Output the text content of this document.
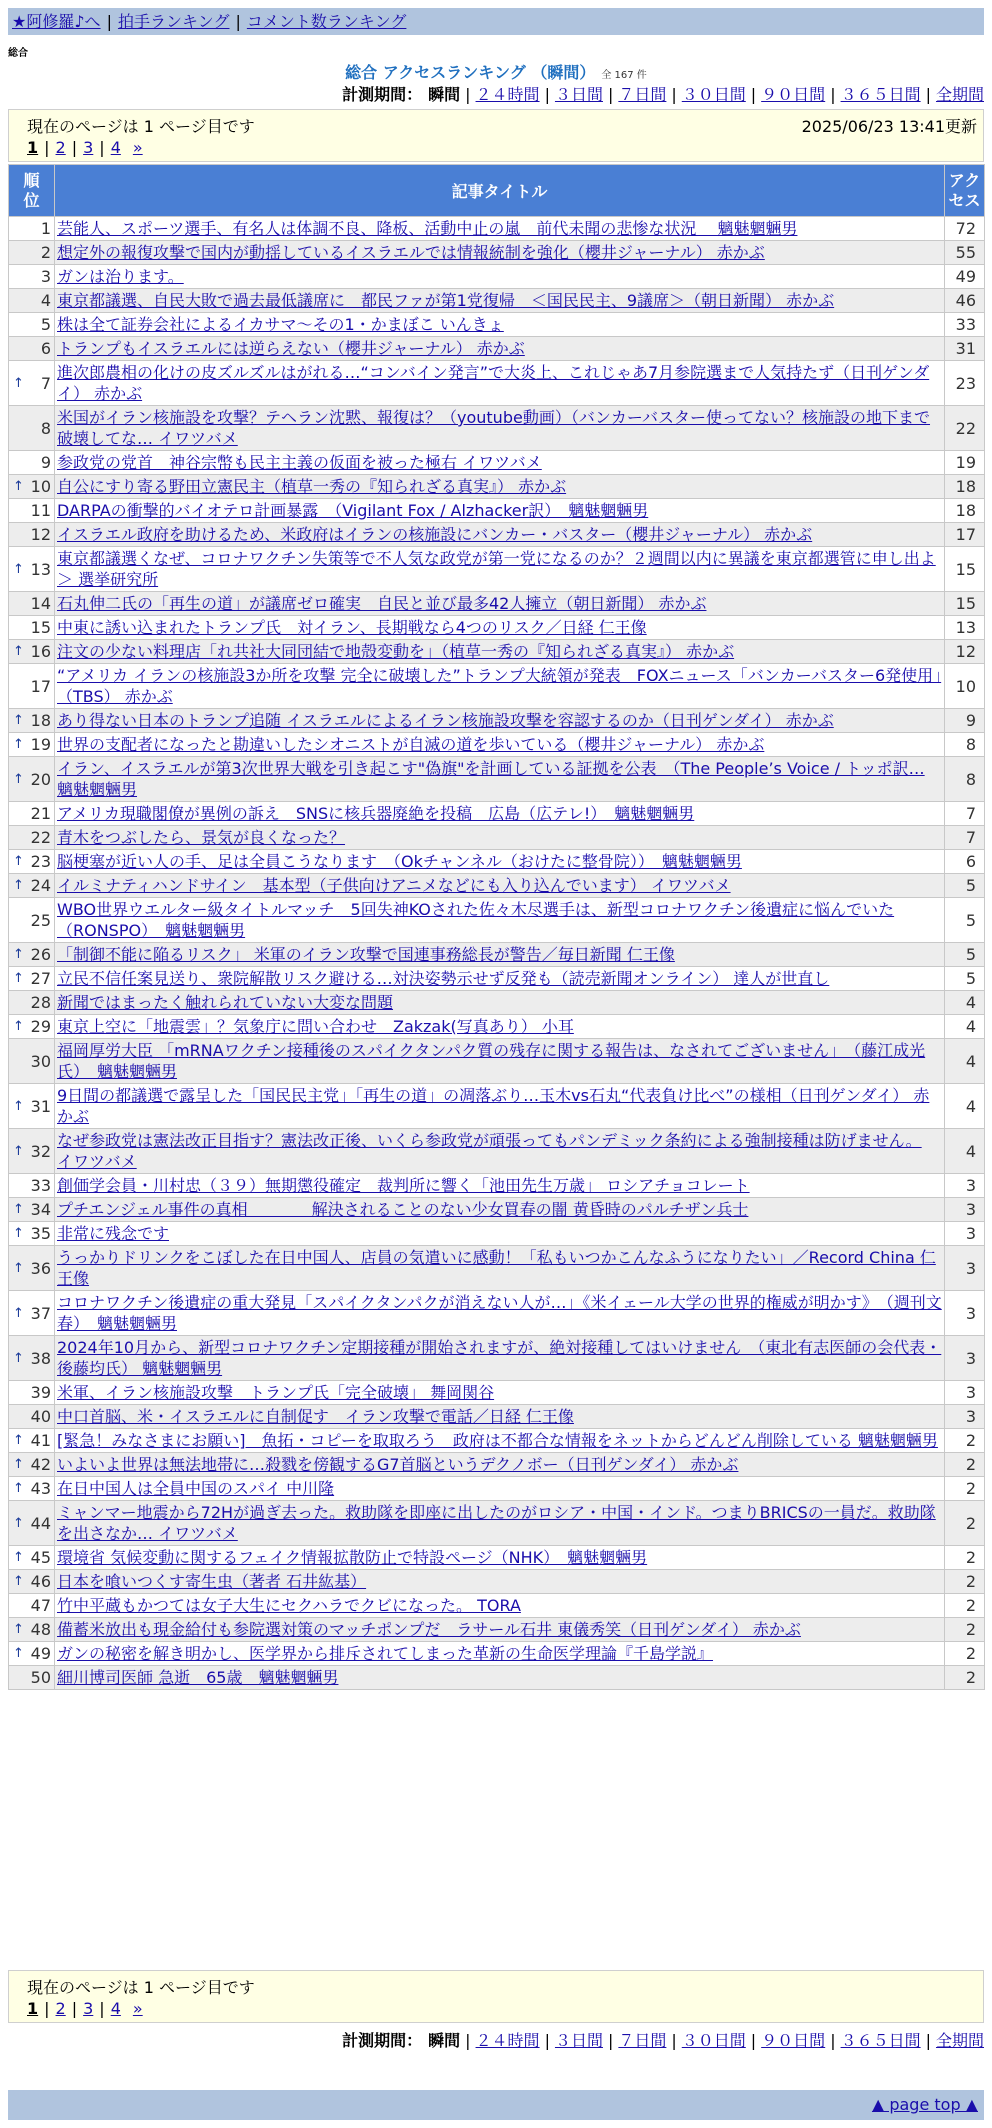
★阿修羅♪へ | 拍手ランキング | コメント数ランキング
総合
総合 アクセスランキング （瞬間） 全 167 件
計測期間： 瞬間 | ２４時間 | ３日間 | ７日間 | ３０日間 | ９０日間 | ３６５日間 | 全期間
現在のページは 1 ページ目です	2025/06/23 13:41更新
1 | 2 | 3 | 4 »
順位	記事タイトル	アクセス
1	芸能人、スポーツ選手、有名人は体調不良、降板、活動中止の嵐　前代未聞の悲惨な状況　 魑魅魍魎男	72
2	想定外の報復攻撃で国内が動揺しているイスラエルでは情報統制を強化（櫻井ジャーナル） 赤かぶ	55
3	ガンは治ります。	49
4	東京都議選、自民大敗で過去最低議席に　都民ファが第1党復帰　＜国民民主、9議席＞（朝日新聞） 赤かぶ	46
5	株は全て証券会社によるイカサマ〜その1・かまぼこ いんきょ	33
6	トランプもイスラエルには逆らえない（櫻井ジャーナル） 赤かぶ	31

↑ 7	進次郎農相の化けの皮ズルズルはがれる…“コンバイン発言”で大炎上、これじゃあ7月参院選まで人気持たず（日刊ゲンダイ） 赤かぶ	23
8	米国がイラン核施設を攻撃？テヘラン沈黙、報復は？（youtube動画）（バンカーバスター使ってない？核施設の地下まで破壊してな… イワツバメ	22
9	参政党の党首　神谷宗幣も民主主義の仮面を被った極右 イワツバメ	19

↑ 10	自公にすり寄る野田立憲民主（植草一秀の『知られざる真実』） 赤かぶ	18
11	DARPAの衝撃的バイオテロ計画暴露　（Vigilant Fox / Alzhacker訳）　魑魅魍魎男	18
12	イスラエル政府を助けるため、米政府はイランの核施設にバンカー・バスター（櫻井ジャーナル） 赤かぶ	17

↑ 13	東京都議選くなぜ、コロナワクチン失策等で不人気な政党が第一党になるのか？２週間以内に異議を東京都選管に申し出よ＞ 選挙研究所	15
14	石丸伸二氏の「再生の道」が議席ゼロ確実　自民と並び最多42人擁立（朝日新聞） 赤かぶ	15
15	中東に誘い込まれたトランプ氏　対イラン、長期戦なら4つのリスク／日経 仁王像	13

↑ 16	注文の少ない料理店「れ共社大同団結で地殻変動を」（植草一秀の『知られざる真実』） 赤かぶ	12
17	“アメリカ イランの核施設3か所を攻撃 完全に破壊した”トランプ大統領が発表　FOXニュース「バンカーバスター6発使用」（TBS） 赤かぶ	10

↑ 18	あり得ない日本のトランプ追随 イスラエルによるイラン核施設攻撃を容認するのか（日刊ゲンダイ） 赤かぶ	9

↑ 19	世界の支配者になったと勘違いしたシオニストが自滅の道を歩いている（櫻井ジャーナル） 赤かぶ	8

↑ 20	イラン、イスラエルが第3次世界大戦を引き起こす"偽旗"を計画している証拠を公表　（The People’s Voice / トッポ訳… 魑魅魍魎男	8
21	アメリカ現職閣僚が異例の訴え　SNSに核兵器廃絶を投稿　広島（広テレ!）　魑魅魍魎男	7
22	青木をつぶしたら、景気が良くなった？	7

↑ 23	脳梗塞が近い人の手、足は全員こうなります　（Okチャンネル（おけたに整骨院））　魑魅魍魎男	6

↑ 24	イルミナティハンドサイン　基本型（子供向けアニメなどにも入り込んでいます） イワツバメ	5
25	WBO世界ウエルター級タイトルマッチ　5回失神KOされた佐々木尽選手は、新型コロナワクチン後遺症に悩んでいた（RONSPO）　魑魅魍魎男	5

↑ 26	「制御不能に陥るリスク」 米軍のイラン攻撃で国連事務総長が警告／毎日新聞 仁王像	5

↑ 27	立民不信任案見送り、衆院解散リスク避ける…対決姿勢示せず反発も（読売新聞オンライン） 達人が世直し	5
28	新聞ではまったく触れられていない大変な問題	4

↑ 29	東京上空に「地震雲」？気象庁に問い合わせ　Zakzak(写真あり） 小耳	4
30	福岡厚労大臣 「mRNAワクチン接種後のスパイクタンパク質の残存に関する報告は、なされてございません」　（藤江成光氏）　魑魅魍魎男	4

↑ 31	9日間の都議選で露呈した「国民民主党」「再生の道」の凋落ぶり…玉木vs石丸“代表負け比べ”の様相（日刊ゲンダイ） 赤かぶ	4

↑ 32	なぜ参政党は憲法改正目指す？憲法改正後、いくら参政党が頑張ってもパンデミック条約による強制接種は防げません。 イワツバメ	4
33	創価学会員・川村忠（３９）無期懲役確定　裁判所に響く「池田先生万歳」 ロシアチョコレート	3

↑ 34	プチエンジェル事件の真相　　　　解決されることのない少女買春の闇 黄昏時のパルチザン兵士	3

↑ 35	非常に残念です	3

↑ 36	うっかりドリンクをこぼした在日中国人、店員の気遣いに感動！「私もいつかこんなふうになりたい」／Record China 仁王像	3

↑ 37	コロナワクチン後遺症の重大発見「スパイクタンパクが消えない人が…」《米イェール大学の世界的権威が明かす》　（週刊文春）　魑魅魍魎男	3

↑ 38	2024年10月から、新型コロナワクチン定期接種が開始されますが、絶対接種してはいけません　（東北有志医師の会代表・後藤均氏） 魑魅魍魎男	3
39	米軍、イラン核施設攻撃　トランプ氏「完全破壊」 舞岡関谷	3
40	中口首脳、米・イスラエルに自制促す　イラン攻撃で電話／日経 仁王像	3

↑ 41	[緊急！みなさまにお願い]　魚拓・コピーを取取ろう　政府は不都合な情報をネットからどんどん削除している 魑魅魍魎男	2

↑ 42	いよいよ世界は無法地帯に…殺戮を傍観するG7首脳というデクノボー（日刊ゲンダイ） 赤かぶ	2

↑ 43	在日中国人は全員中国のスパイ 中川隆	2

↑ 44	ミャンマー地震から72Hが過ぎ去った。救助隊を即座に出したのがロシア・中国・インド。つまりBRICSの一員だ。救助隊を出さなか… イワツバメ	2

↑ 45	環境省 気候変動に関するフェイク情報拡散防止で特設ページ（NHK）　魑魅魍魎男	2

↑ 46	日本を喰いつくす寄生虫（著者 石井紘基）	2
47	竹中平蔵もかつては女子大生にセクハラでクビになった。 TORA	2

↑ 48	備蓄米放出も現金給付も参院選対策のマッチポンプだ　ラサール石井 東儀秀笑（日刊ゲンダイ） 赤かぶ	2

↑ 49	ガンの秘密を解き明かし、医学界から排斥されてしまった革新の生命医学理論『千島学説』	2
50	細川博司医師 急逝　65歳　魑魅魍魎男	2
現在のページは 1 ページ目です
1 | 2 | 3 | 4 »
計測期間： 瞬間 | ２４時間 | ３日間 | ７日間 | ３０日間 | ９０日間 | ３６５日間 | 全期間
▲ page top ▲
